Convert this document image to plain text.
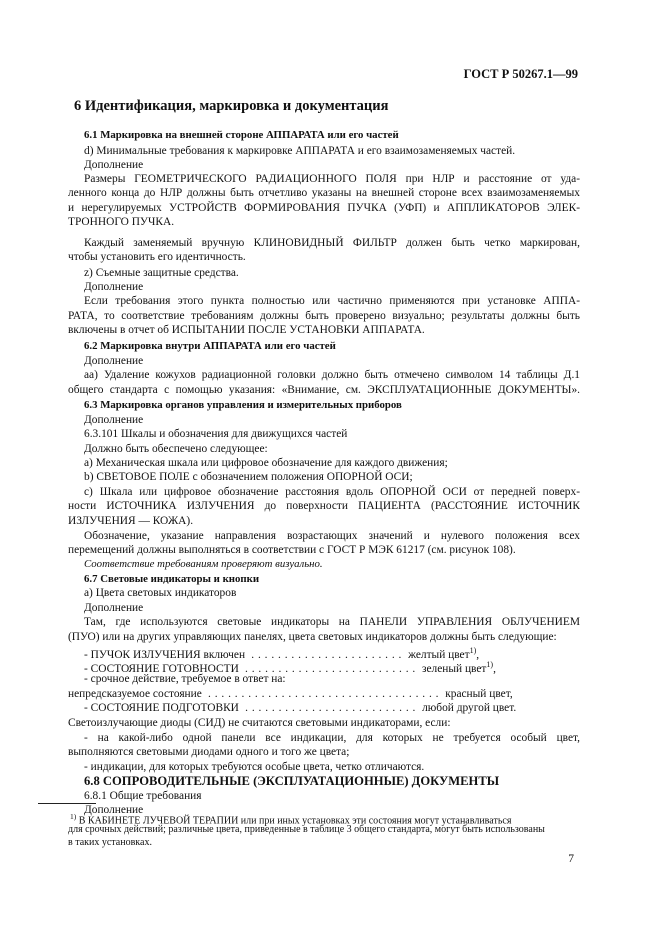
ГОСТ Р 50267.1—99
6 Идентификация, маркировка и документация
6.1 Маркировка на внешней стороне АППАРАТА или его частей
d) Минимальные требования к маркировке АППАРАТА и его взаимозаменяемых частей.
Дополнение
Размеры ГЕОМЕТРИЧЕСКОГО РАДИАЦИОННОГО ПОЛЯ при НЛР и расстояние от уда-
ленного конца до НЛР должны быть отчетливо указаны на внешней стороне всех взаимозаменяемых
и нерегулируемых УСТРОЙСТВ ФОРМИРОВАНИЯ ПУЧКА (УФП) и АППЛИКАТОРОВ ЭЛЕК-
ТРОННОГО ПУЧКА.
Каждый заменяемый вручную КЛИНОВИДНЫЙ ФИЛЬТР должен быть четко маркирован,
чтобы установить его идентичность.
z) Съемные защитные средства.
Дополнение
Если требования этого пункта полностью или частично применяются при установке АППА-
РАТА, то соответствие требованиям должны быть проверено визуально; результаты должны быть
включены в отчет об ИСПЫТАНИИ ПОСЛЕ УСТАНОВКИ АППАРАТА.
6.2 Маркировка внутри АППАРАТА или его частей
Дополнение
аа) Удаление кожухов радиационной головки должно быть отмечено символом 14 таблицы Д.1
общего стандарта с помощью указания: «Внимание, см. ЭКСПЛУАТАЦИОННЫЕ ДОКУМЕНТЫ».
6.3 Маркировка органов управления и измерительных приборов
Дополнение
6.3.101 Шкалы и обозначения для движущихся частей
Должно быть обеспечено следующее:
а) Механическая шкала или цифровое обозначение для каждого движения;
b) СВЕТОВОЕ ПОЛЕ с обозначением положения ОПОРНОЙ ОСИ;
с) Шкала или цифровое обозначение расстояния вдоль ОПОРНОЙ ОСИ от передней поверх-
ности ИСТОЧНИКА ИЗЛУЧЕНИЯ до поверхности ПАЦИЕНТА (РАССТОЯНИЕ ИСТОЧНИК
ИЗЛУЧЕНИЯ — КОЖА).
Обозначение, указание направления возрастающих значений и нулевого положения всех
перемещений должны выполняться в соответствии с ГОСТ Р МЭК 61217 (см. рисунок 108).
Соответствие требованиям проверяют визуально.
6.7 Световые индикаторы и кнопки
а) Цвета световых индикаторов
Дополнение
Там, где используются световые индикаторы на ПАНЕЛИ УПРАВЛЕНИЯ ОБЛУЧЕНИЕМ
(ПУО) или на других управляющих панелях, цвета световых индикаторов должны быть следующие:
- ПУЧОК ИЗЛУЧЕНИЯ включен  . . . . . . . . . . . . . . . . . . . . . . .  желтый цвет$^{1)}$,
- СОСТОЯНИЕ ГОТОВНОСТИ  . . . . . . . . . . . . . . . . . . . . . . . . . .  зеленый цвет$^{1)}$,
- срочное действие, требуемое в ответ на:
непредсказуемое состояние  . . . . . . . . . . . . . . . . . . . . . . . . . . . . . . . . . . .  красный цвет,
- СОСТОЯНИЕ ПОДГОТОВКИ  . . . . . . . . . . . . . . . . . . . . . . . . . .  любой другой цвет.
Светоизлучающие диоды (СИД) не считаются световыми индикаторами, если:
- на какой-либо одной панели все индикации, для которых не требуется особый цвет,
выполняются световыми диодами одного и того же цвета;
- индикации, для которых требуются особые цвета, четко отличаются.
6.8 СОПРОВОДИТЕЛЬНЫЕ (ЭКСПЛУАТАЦИОННЫЕ) ДОКУМЕНТЫ
6.8.1 Общие требования
Дополнение
$^{1)}$ В КАБИНЕТЕ ЛУЧЕВОЙ ТЕРАПИИ или при иных установках эти состояния могут устанавливаться
для срочных действий; различные цвета, приведенные в таблице 3 общего стандарта, могут быть использованы
в таких установках.
7
